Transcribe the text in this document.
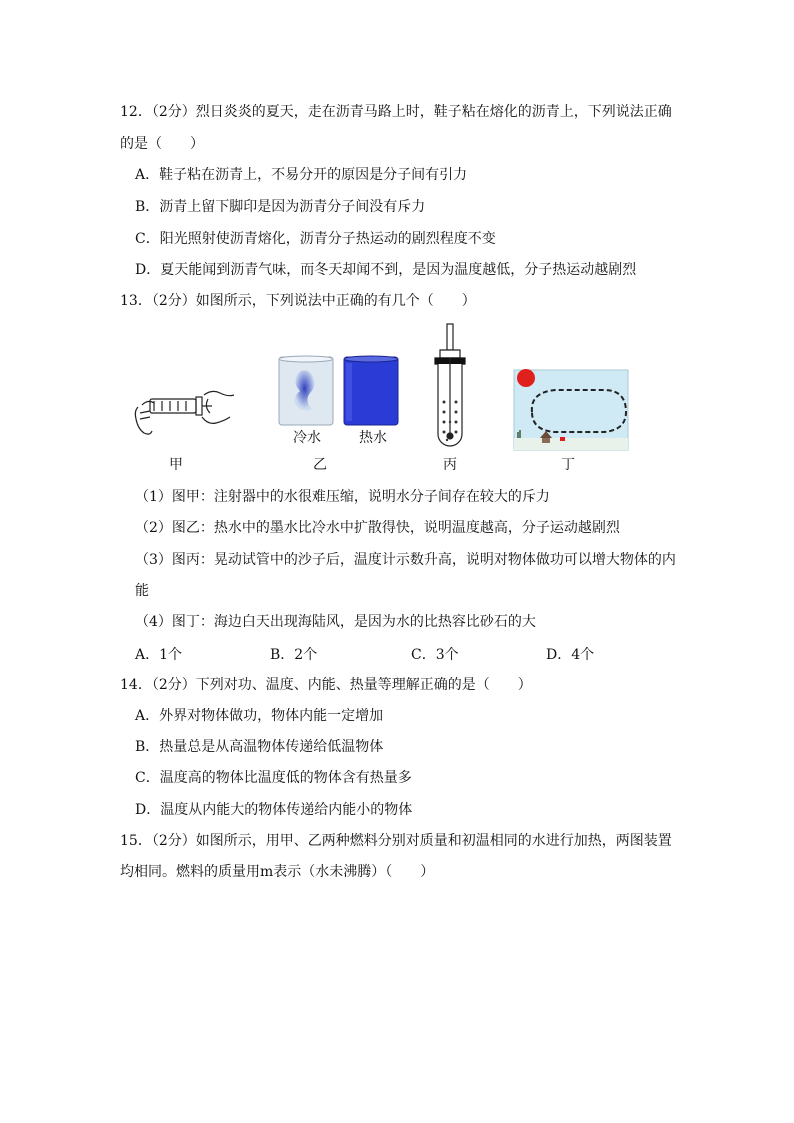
12．（2分）烈日炎炎的夏天，走在沥青马路上时，鞋子粘在熔化的沥青上，下列说法正确
的是（　　）
A．鞋子粘在沥青上，不易分开的原因是分子间有引力
B．沥青上留下脚印是因为沥青分子间没有斥力
C．阳光照射使沥青熔化，沥青分子热运动的剧烈程度不变
D．夏天能闻到沥青气味，而冬天却闻不到，是因为温度越低，分子热运动越剧烈
13．（2分）如图所示，下列说法中正确的有几个（　　）
甲
冷水	热水
乙	丙	丁
（1）图甲：注射器中的水很难压缩，说明水分子间存在较大的斥力
（2）图乙：热水中的墨水比冷水中扩散得快，说明温度越高，分子运动越剧烈
（3）图丙：晃动试管中的沙子后，温度计示数升高，说明对物体做功可以增大物体的内
能
（4）图丁：海边白天出现海陆风，是因为水的比热容比砂石的大
A．1个	B．2个	C．3个	D．4个
14．（2分）下列对功、温度、内能、热量等理解正确的是（　　）
A．外界对物体做功，物体内能一定增加
B．热量总是从高温物体传递给低温物体
C．温度高的物体比温度低的物体含有热量多
D．温度从内能大的物体传递给内能小的物体
15．（2分）如图所示，用甲、乙两种燃料分别对质量和初温相同的水进行加热，两图装置
均相同。燃料的质量用m表示（水未沸腾）（　　）
